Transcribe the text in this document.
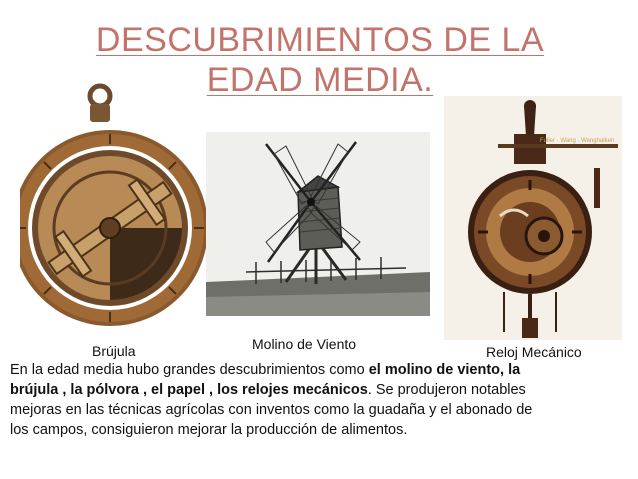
DESCUBRIMIENTOS DE LA
EDAD MEDIA.
Fuller · Wang · Wanghalken
Brújula	Molino de Viento	Reloj Mecánico
En la edad media hubo grandes descubrimientos como el molino de viento, la brújula , la pólvora , el papel , los relojes mecánicos. Se produjeron notables mejoras en las técnicas agrícolas con inventos como la guadaña y el abonado de los campos, consiguieron mejorar la producción de alimentos.
